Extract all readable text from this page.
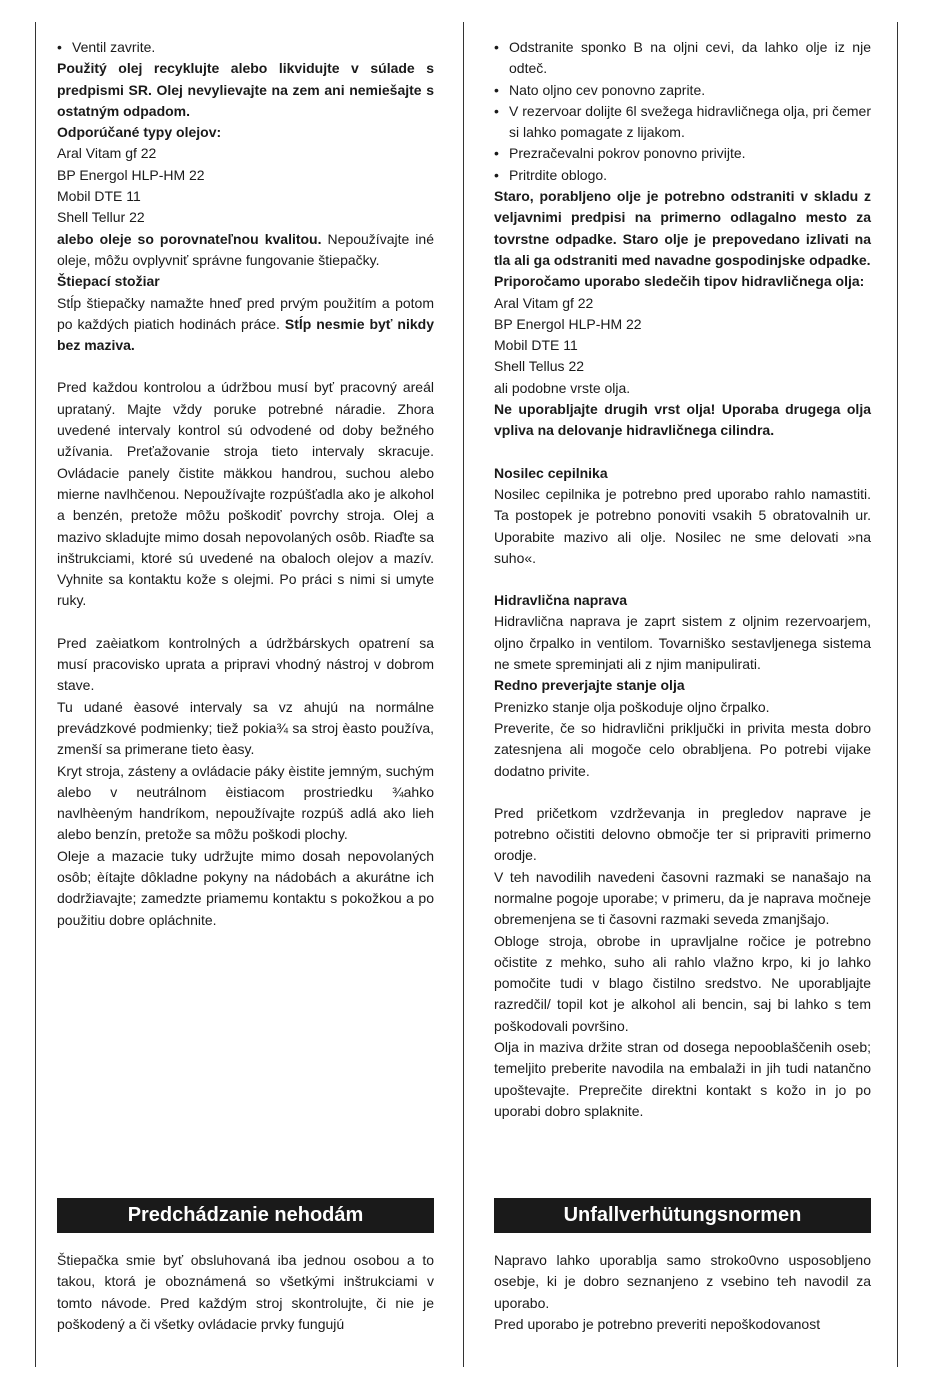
• Ventil zavrite.

Použitý olej recyklujte alebo likvidujte v súlade s predpismi SR. Olej nevylievajte na zem ani nemiešajte s ostatným odpadom.

Odporúčané typy olejov:

Aral Vitam gf 22

BP Energol HLP-HM 22

Mobil DTE 11

Shell Tellur 22

alebo oleje so porovnateľnou kvalitou. Nepoužívajte iné oleje, môžu ovplyvniť správne fungovanie štiepačky.

Štiepací stožiar

Stĺp štiepačky namažte hneď pred prvým použitím a potom po každých piatich hodinách práce. Stĺp nesmie byť nikdy bez maziva.

Pred každou kontrolou a údržbou musí byť pracovný areál uprataný. Majte vždy poruke potrebné náradie. Zhora uvedené intervaly kontrol sú odvodené od doby bežného užívania. Preťažovanie stroja tieto intervaly skracuje. Ovládacie panely čistite mäkkou handrou, suchou alebo mierne navlhčenou. Nepoužívajte rozpúšťadla ako je alkohol a benzén, pretože môžu poškodiť povrchy stroja. Olej a mazivo skladujte mimo dosah nepovolaných osôb. Riaďte sa inštrukciami, ktoré sú uvedené na obaloch olejov a mazív. Vyhnite sa kontaktu kože s olejmi. Po práci s nimi si umyte ruky.

Pred zaèiatkom kontrolných a údržbárskych opatrení sa musí pracovisko uprata a pripravi vhodný nástroj v dobrom stave.

Tu udané èasové intervaly sa vz ahujú na normálne prevádzkové podmienky; tiež pokia¾ sa stroj èasto používa, zmenší sa primerane tieto èasy.

Kryt stroja, zásteny a ovládacie páky èistite jemným, suchým alebo v neutrálnom èistiacom prostriedku ¾ahko navlhèeným handríkom, nepoužívajte rozpúš adlá ako lieh alebo benzín, pretože sa môžu poškodi plochy.

Oleje a mazacie tuky udržujte mimo dosah nepovolaných osôb; èítajte dôkladne pokyny na nádobách a akurátne ich dodržiavajte; zamedzte priamemu kontaktu s pokožkou a po použitiu dobre opláchnite.

Predchádzanie nehodám

Štiepačka smie byť obsluhovaná iba jednou osobou a to takou, ktorá je oboznámená so všetkými inštrukciami v tomto návode. Pred každým stroj skontrolujte, či nie je poškodený a či všetky ovládacie prvky fungujú

• Odstranite sponko B na oljni cevi, da lahko olje iz nje odteč.
• Nato oljno cev ponovno zaprite.
• V rezervoar dolijte 6l svežega hidravličnega olja, pri čemer si lahko pomagate z lijakom.
• Prezračevalni pokrov ponovno privijte.
• Pritrdite oblogo.

Staro, porabljeno olje je potrebno odstraniti v skladu z veljavnimi predpisi na primerno odlagalno mesto za tovrstne odpadke. Staro olje je prepovedano izlivati na tla ali ga odstraniti med navadne gospodinjske odpadke.

Priporočamo uporabo sledečih tipov hidravličnega olja:

Aral Vitam gf 22

BP Energol HLP-HM 22

Mobil DTE 11

Shell Tellus 22

ali podobne vrste olja.

Ne uporabljajte drugih vrst olja! Uporaba drugega olja vpliva na delovanje hidravličnega cilindra.

Nosilec cepilnika

Nosilec cepilnika je potrebno pred uporabo rahlo namastiti. Ta postopek je potrebno ponoviti vsakih 5 obratovalnih ur. Uporabite mazivo ali olje. Nosilec ne sme delovati »na suho«.

Hidravlična naprava

Hidravlična naprava je zaprt sistem z oljnim rezervoarjem, oljno črpalko in ventilom. Tovarniško sestavljenega sistema ne smete spreminjati ali z njim manipulirati.

Redno preverjajte stanje olja

Prenizko stanje olja poškoduje oljno črpalko.

Preverite, če so hidravlični priključki in privita mesta dobro zatesnjena ali mogoče celo obrabljena. Po potrebi vijake dodatno privite.

Pred pričetkom vzdrževanja in pregledov naprave je potrebno očistiti delovno območje ter si pripraviti primerno orodje.

V teh navodilih navedeni časovni razmaki se nanašajo na normalne pogoje uporabe; v primeru, da je naprava močneje obremenjena se ti časovni razmaki seveda zmanjšajo.

Obloge stroja, obrobe in upravljalne ročice je potrebno očistite z mehko, suho ali rahlo vlažno krpo, ki jo lahko pomočite tudi v blago čistilno sredstvo. Ne uporabljajte razredčil/ topil kot je alkohol ali bencin, saj bi lahko s tem poškodovali površino.

Olja in maziva držite stran od dosega nepooblaščenih oseb; temeljito preberite navodila na embalaži in jih tudi natančno upoštevajte. Preprečite direktni kontakt s kožo in jo po uporabi dobro splaknite.

Unfallverhütungsnormen

Napravo lahko uporablja samo stroko0vno usposobljeno osebje, ki je dobro seznanjeno z vsebino teh navodil za uporabo.

Pred uporabo je potrebno preveriti nepoškodovanost
